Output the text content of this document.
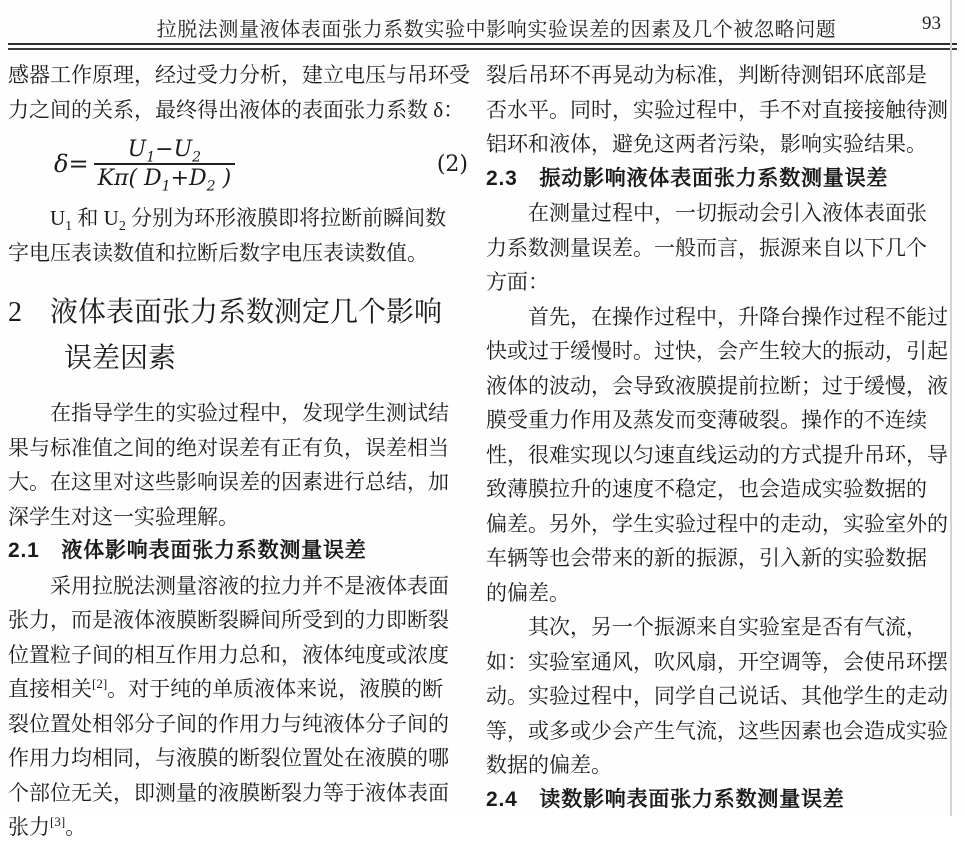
拉脱法测量液体表面张力系数实验中影响实验误差的因素及几个被忽略问题	93
感器工作原理，经过受力分析，建立电压与吊环受
力之间的关系，最终得出液体的表面张力系数 δ：
$\delta= \frac{U_1-U_2}{K\pi( D_1+D_2 )}$	(2)
　　$U_1$ 和 $U_2$ 分别为环形液膜即将拉断前瞬间数
字电压表读数值和拉断后数字电压表读数值。
2　液体表面张力系数测定几个影响
　　误差因素
　　在指导学生的实验过程中，发现学生测试结
果与标准值之间的绝对误差有正有负，误差相当
大。在这里对这些影响误差的因素进行总结，加
深学生对这一实验理解。
2.1　液体影响表面张力系数测量误差
　　采用拉脱法测量溶液的拉力并不是液体表面
张力，而是液体液膜断裂瞬间所受到的力即断裂
位置粒子间的相互作用力总和，液体纯度或浓度
直接相关[2]。对于纯的单质液体来说，液膜的断
裂位置处相邻分子间的作用力与纯液体分子间的
作用力均相同，与液膜的断裂位置处在液膜的哪
个部位无关，即测量的液膜断裂力等于液体表面
张力[3]。
裂后吊环不再晃动为标准，判断待测铝环底部是
否水平。同时，实验过程中，手不对直接接触待测
铝环和液体，避免这两者污染，影响实验结果。
2.3　振动影响液体表面张力系数测量误差
　　在测量过程中，一切振动会引入液体表面张
力系数测量误差。一般而言，振源来自以下几个
方面：
　　首先，在操作过程中，升降台操作过程不能过
快或过于缓慢时。过快，会产生较大的振动，引起
液体的波动，会导致液膜提前拉断；过于缓慢，液
膜受重力作用及蒸发而变薄破裂。操作的不连续
性，很难实现以匀速直线运动的方式提升吊环，导
致薄膜拉升的速度不稳定，也会造成实验数据的
偏差。另外，学生实验过程中的走动，实验室外的
车辆等也会带来的新的振源，引入新的实验数据
的偏差。
　　其次，另一个振源来自实验室是否有气流，
如：实验室通风，吹风扇，开空调等，会使吊环摆
动。实验过程中，同学自己说话、其他学生的走动
等，或多或少会产生气流，这些因素也会造成实验
数据的偏差。
2.4　读数影响表面张力系数测量误差
